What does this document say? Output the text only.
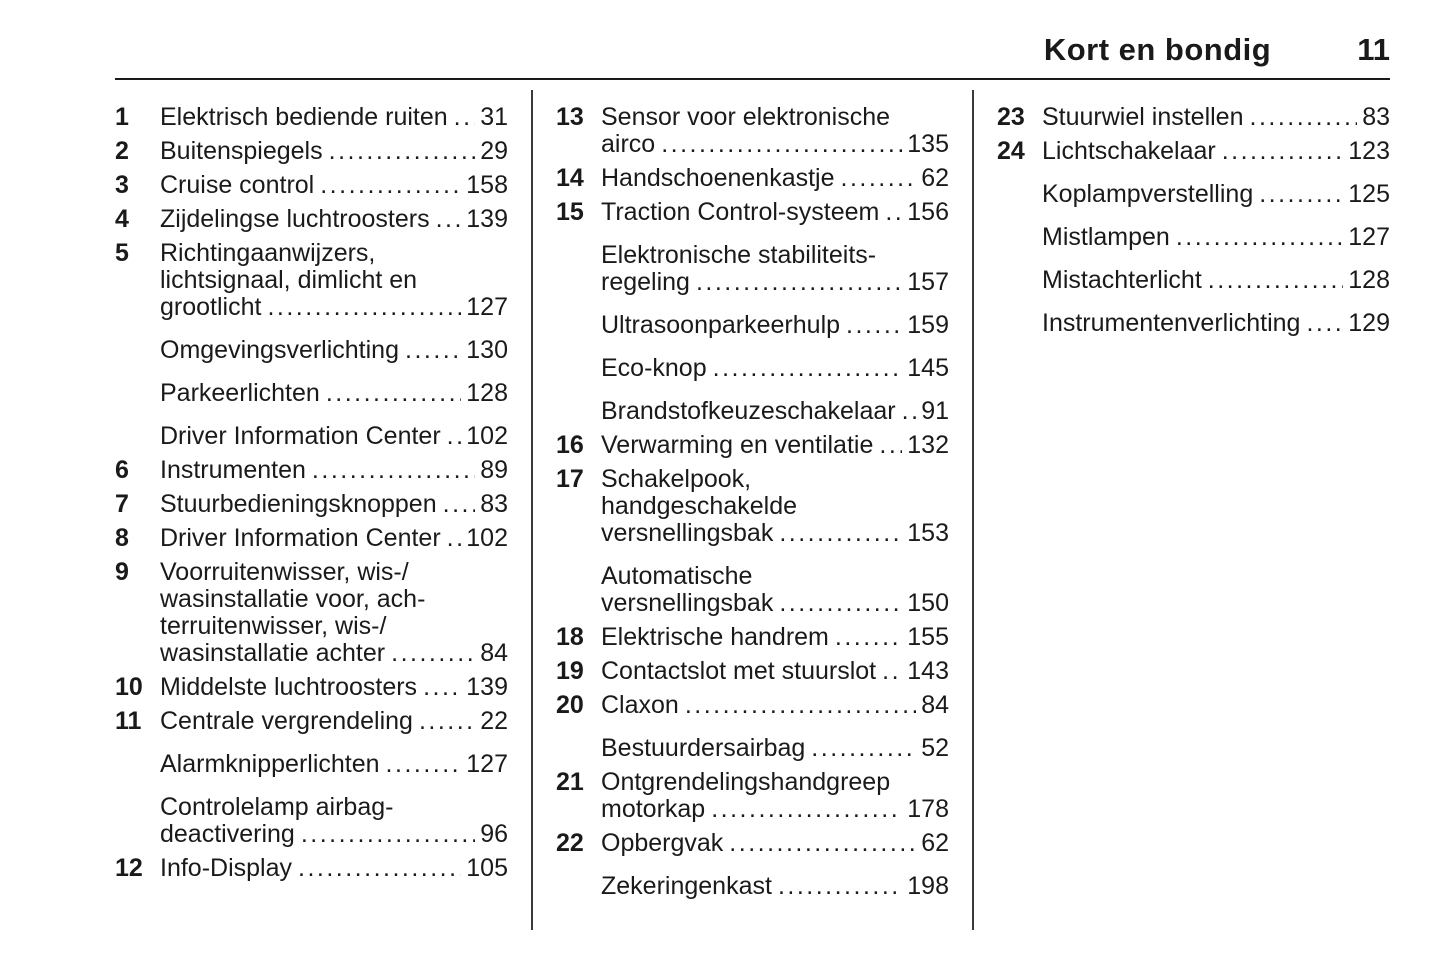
Kort en bondig	11
1	Elektrisch bediende ruiten ..... 31
2	Buitenspiegels .....	29
3	Cruise control .....	158
4	Zijdelingse luchtroosters ..... 139
5	Richtingaanwijzers,
lichtsignaal, dimlicht en
grootlicht .....	127
Omgevingsverlichting .....	130
Parkeerlichten .....	128
Driver Information Center ..... 102
6	Instrumenten .....	89
7	Stuurbedieningsknoppen ..... 83
8	Driver Information Center ..... 102
9	Voorruitenwisser, wis-/
wasinstallatie voor, ach-
terruitenwisser, wis-/
wasinstallatie achter .....	84
10 Middelste luchtroosters ..... 139
11 Centrale vergrendeling .....	22
Alarmknipperlichten .....	127
Controlelamp airbag-
deactivering .....	96
12 Info-Display .....	105
13 Sensor voor elektronische
airco .....	135
14 Handschoenenkastje .....	62
15 Traction Control-systeem ..... 156
Elektronische stabiliteits-
regeling .....	157
Ultrasoonparkeerhulp .....	159
Eco-knop .....	145
Brandstofkeuzeschakelaar ..... 91
16 Verwarming en ventilatie ..... 132
17 Schakelpook,
handgeschakelde
versnellingsbak .....	153
Automatische
versnellingsbak .....	150
18 Elektrische handrem .....	155
19 Contactslot met stuurslot ..... 143
20 Claxon .....	84
Bestuurdersairbag .....	52
21 Ontgrendelingshandgreep
motorkap .....	178
22 Opbergvak .....	62
Zekeringenkast .....	198
23 Stuurwiel instellen .....	83
24 Lichtschakelaar .....	123
Koplampverstelling .....	125
Mistlampen .....	127
Mistachterlicht .....	128
Instrumentenverlichting ..... 129
